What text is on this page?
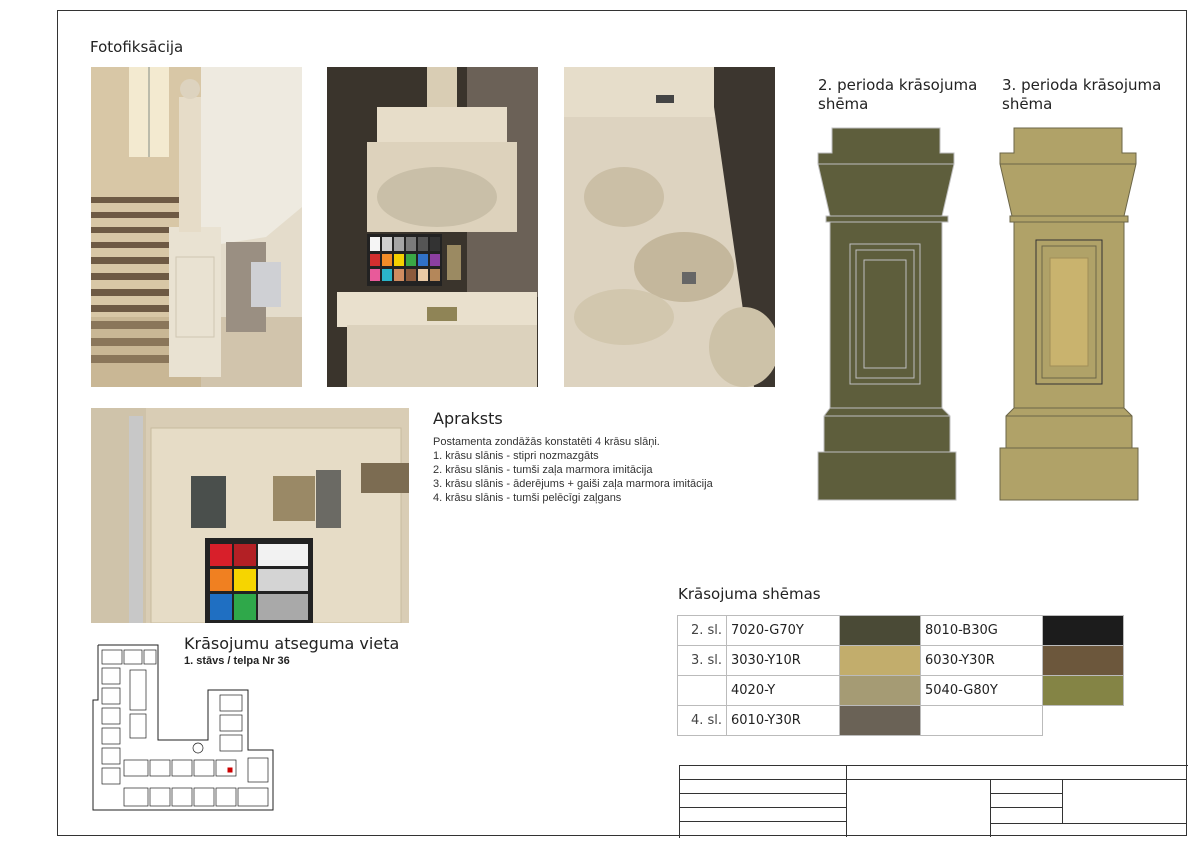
Fotofiksācija
Apraksts
Postamenta zondāžās konstatēti 4 krāsu slāņi.
1. krāsu slānis - stipri nozmazgāts
2. krāsu slānis - tumši zaļa marmora imitācija
3. krāsu slānis - āderējums + gaiši zaļa marmora imitācija
4. krāsu slānis - tumši pelēcīgi zaļgans
Krāsojumu atseguma vieta
1. stāvs / telpa Nr 36
2. perioda krāsojuma
shēma
3. perioda krāsojuma
shēma
Krāsojuma shēmas
2. sl.	7020-G70Y		8010-B30G	

3. sl.	3030-Y10R		6030-Y30R	

	4020-Y		5040-G80Y	

4. sl.	6010-Y30R	
